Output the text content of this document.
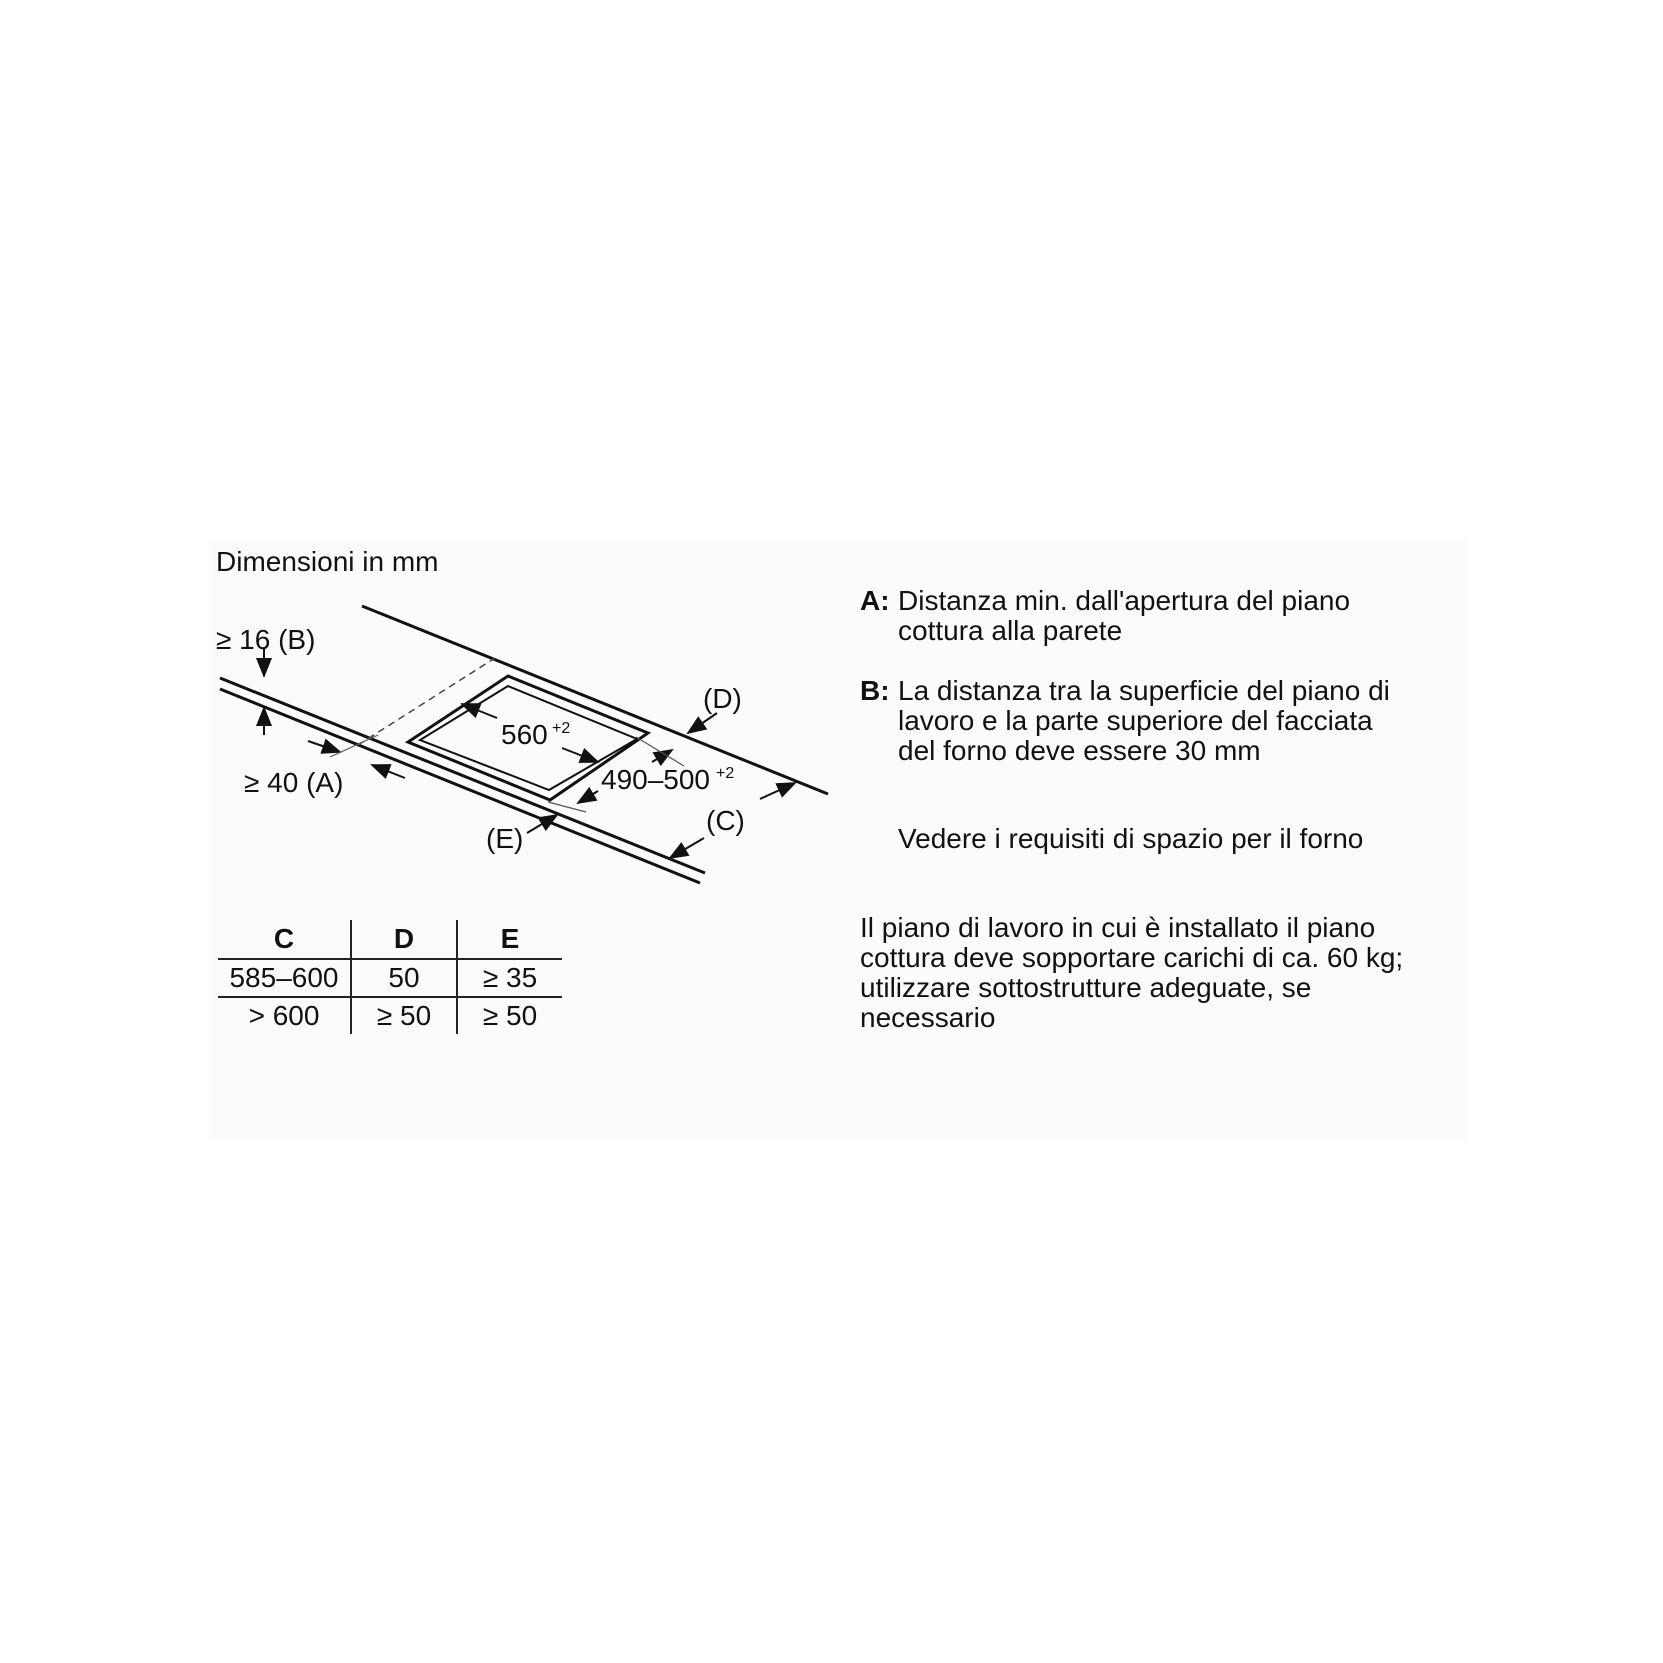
Dimensioni in mm
≥ 16 (B)
≥ 40 (A)
560 +2
490–500 +2
(D)
(C)
(E)
A: Distanza min. dall'apertura del piano
cottura alla parete
B: La distanza tra la superficie del piano di
lavoro e la parte superiore del facciata
del forno deve essere 30 mm
Vedere i requisiti di spazio per il forno
Il piano di lavoro in cui è installato il piano
cottura deve sopportare carichi di ca. 60 kg;
utilizzare sottostrutture adeguate, se
necessario
C	D	E
585–600	50	≥ 35
> 600	≥ 50	≥ 50
